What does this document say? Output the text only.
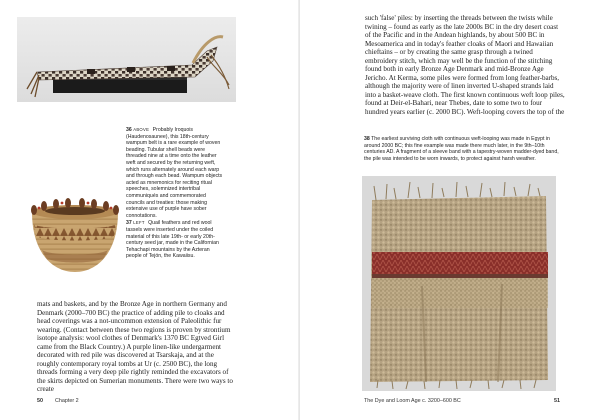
36 ABOVE Probably Iroquois (Haudenosaunee), this 18th-century wampum belt is a rare example of woven beading. Tubular shell beads were threaded nine at a time onto the leather weft and secured by the returning weft, which runs alternately around each warp and through each bead. Wampum objects acted as mnemonics for reciting ritual speeches, solemnized intertribal communiqués and commemorated councils and treaties: those making extensive use of purple have sober connotations.

37 LEFT Quail feathers and red wool tassels were inserted under the coiled material of this late 19th- or early 20th-century seed jar, made in the Californian Tehachapi mountains by the Azteran people of Tejón, the Kawaiisu.

mats and baskets, and by the Bronze Age in northern Germany and Denmark (2000–700 BC) the practice of adding pile to cloaks and head coverings was a not-uncommon extension of Paleolithic fur wearing. (Contact between these two regions is proven by strontium isotope analysis: wool clothes of Denmark's 1370 BC Egtved Girl came from the Black Country.) A purple linen-like undergarment decorated with red pile was discovered at Tsarskaja, and at the roughly contemporary royal tombs at Ur (c. 2500 BC), the long threads forming a very deep pile rightly reminded the excavators of the skirts depicted on Sumerian monuments. There were two ways to create

50 Chapter 2

such 'false' piles: by inserting the threads between the twists while twining – found as early as the late 2000s BC in the dry desert coast of the Pacific and in the Andean highlands, by about 500 BC in Mesoamerica and in today's feather cloaks of Maori and Hawaiian chieftains – or by creating the same grasp through a twined embroidery stitch, which may well be the function of the stitching found both in early Bronze Age Denmark and mid-Bronze Age Jericho. At Kerma, some piles were formed from long feather-barbs, although the majority were of linen inverted U-shaped strands laid into a basket-weave cloth. The first known continuous weft loop piles, found at Deir-el-Bahari, near Thebes, date to some two to four hundred years earlier (c. 2000 BC). Weft-looping covers the top of the

38 The earliest surviving cloth with continuous weft-looping was made in Egypt in around 2000 BC; this fine example was made there much later, in the 9th–10th centuries AD. A fragment of a sleeve band with a tapestry-woven madder-dyed band, the pile was intended to be worn inwards, to protect against harsh weather.

The Dye and Loom Age c. 3200–600 BC	51
